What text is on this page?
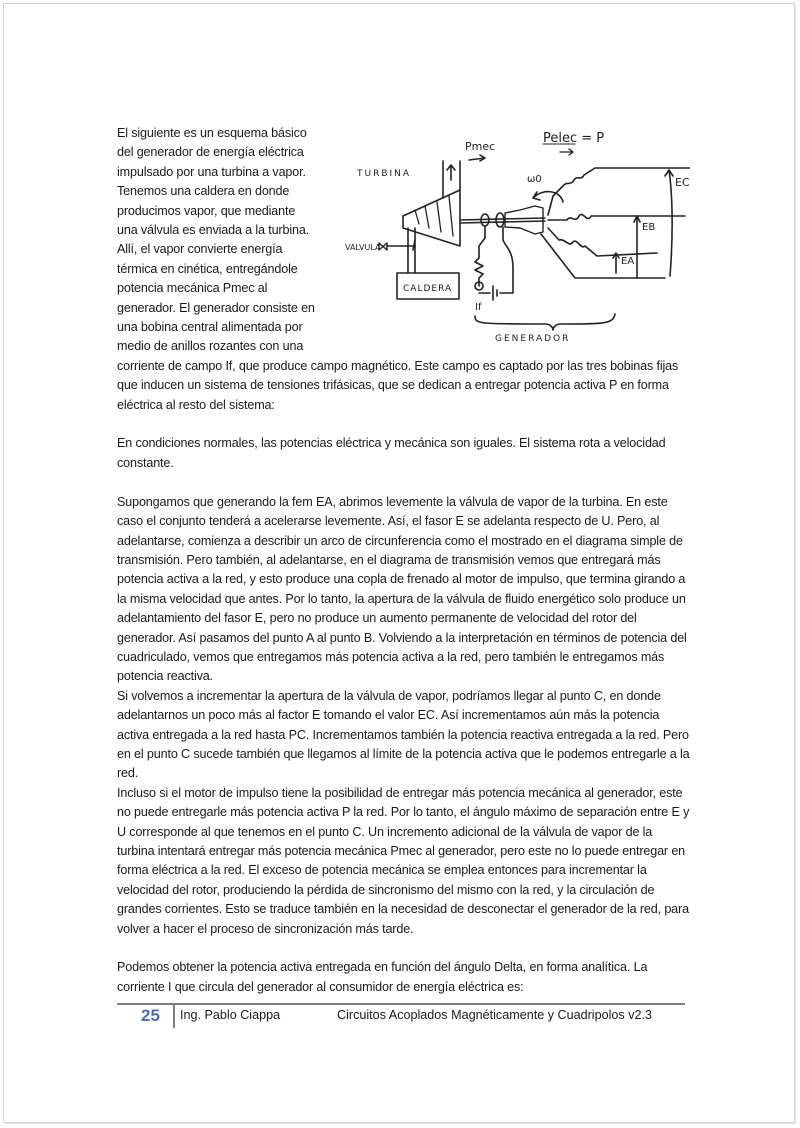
El siguiente es un esquema básico

del generador de energía eléctrica

impulsado por una turbina a vapor.

Tenemos una caldera en donde

producimos vapor, que mediante

una válvula es enviada a la turbina.

Allí, el vapor convierte energía

térmica en cinética, entregándole

potencia mecánica Pmec al

generador. El generador consiste en

una bobina central alimentada por

medio de anillos rozantes con una

corriente de campo If, que produce campo magnético. Este campo es captado por las tres bobinas fijas que inducen un sistema de tensiones trifásicas, que se dedican a entregar potencia activa P en forma eléctrica al resto del sistema:

En condiciones normales, las potencias eléctrica y mecánica son iguales. El sistema rota a velocidad constante.

Supongamos que generando la fem EA, abrimos levemente la válvula de vapor de la turbina. En este caso el conjunto tenderá a acelerarse levemente. Así, el fasor E se adelanta respecto de U. Pero, al adelantarse, comienza a describir un arco de circunferencia como el mostrado en el diagrama simple de transmisión. Pero también, al adelantarse, en el diagrama de transmisión vemos que entregará más potencia activa a la red, y esto produce una copla de frenado al motor de impulso, que termina girando a la misma velocidad que antes. Por lo tanto, la apertura de la válvula de fluido energético solo produce un adelantamiento del fasor E, pero no produce un aumento permanente de velocidad del rotor del generador. Así pasamos del punto A al punto B. Volviendo a la interpretación en términos de potencia del cuadriculado, vemos que entregamos más potencia activa a la red, pero también le entregamos más potencia reactiva.

Si volvemos a incrementar la apertura de la válvula de vapor, podríamos llegar al punto C, en donde adelantarnos un poco más al factor E tomando el valor EC. Así incrementamos aún más la potencia activa entregada a la red hasta PC. Incrementamos también la potencia reactiva entregada a la red. Pero en el punto C sucede también que llegamos al límite de la potencia activa que le podemos entregarle a la red.

Incluso si el motor de impulso tiene la posibilidad de entregar más potencia mecánica al generador, este no puede entregarle más potencia activa P la red. Por lo tanto, el ángulo máximo de separación entre E y U corresponde al que tenemos en el punto C. Un incremento adicional de la válvula de vapor de la turbina intentará entregar más potencia mecánica Pmec al generador, pero este no lo puede entregar en forma eléctrica a la red. El exceso de potencia mecánica se emplea entonces para incrementar la velocidad del rotor, produciendo la pérdida de sincronismo del mismo con la red, y la circulación de grandes corrientes. Esto se traduce también en la necesidad de desconectar el generador de la red, para volver a hacer el proceso de sincronización más tarde.

Podemos obtener la potencia activa entregada en función del ángulo Delta, en forma analítica. La corriente I que circula del generador al consumidor de energía eléctrica es:

Pmec
Pelec = P
TURBINA
VALVULA
CALDERA
ω0
If
GENERADOR
EC
EB
EA
25	Ing. Pablo Ciappa	Circuitos Acoplados Magnéticamente y Cuadripolos v2.3
